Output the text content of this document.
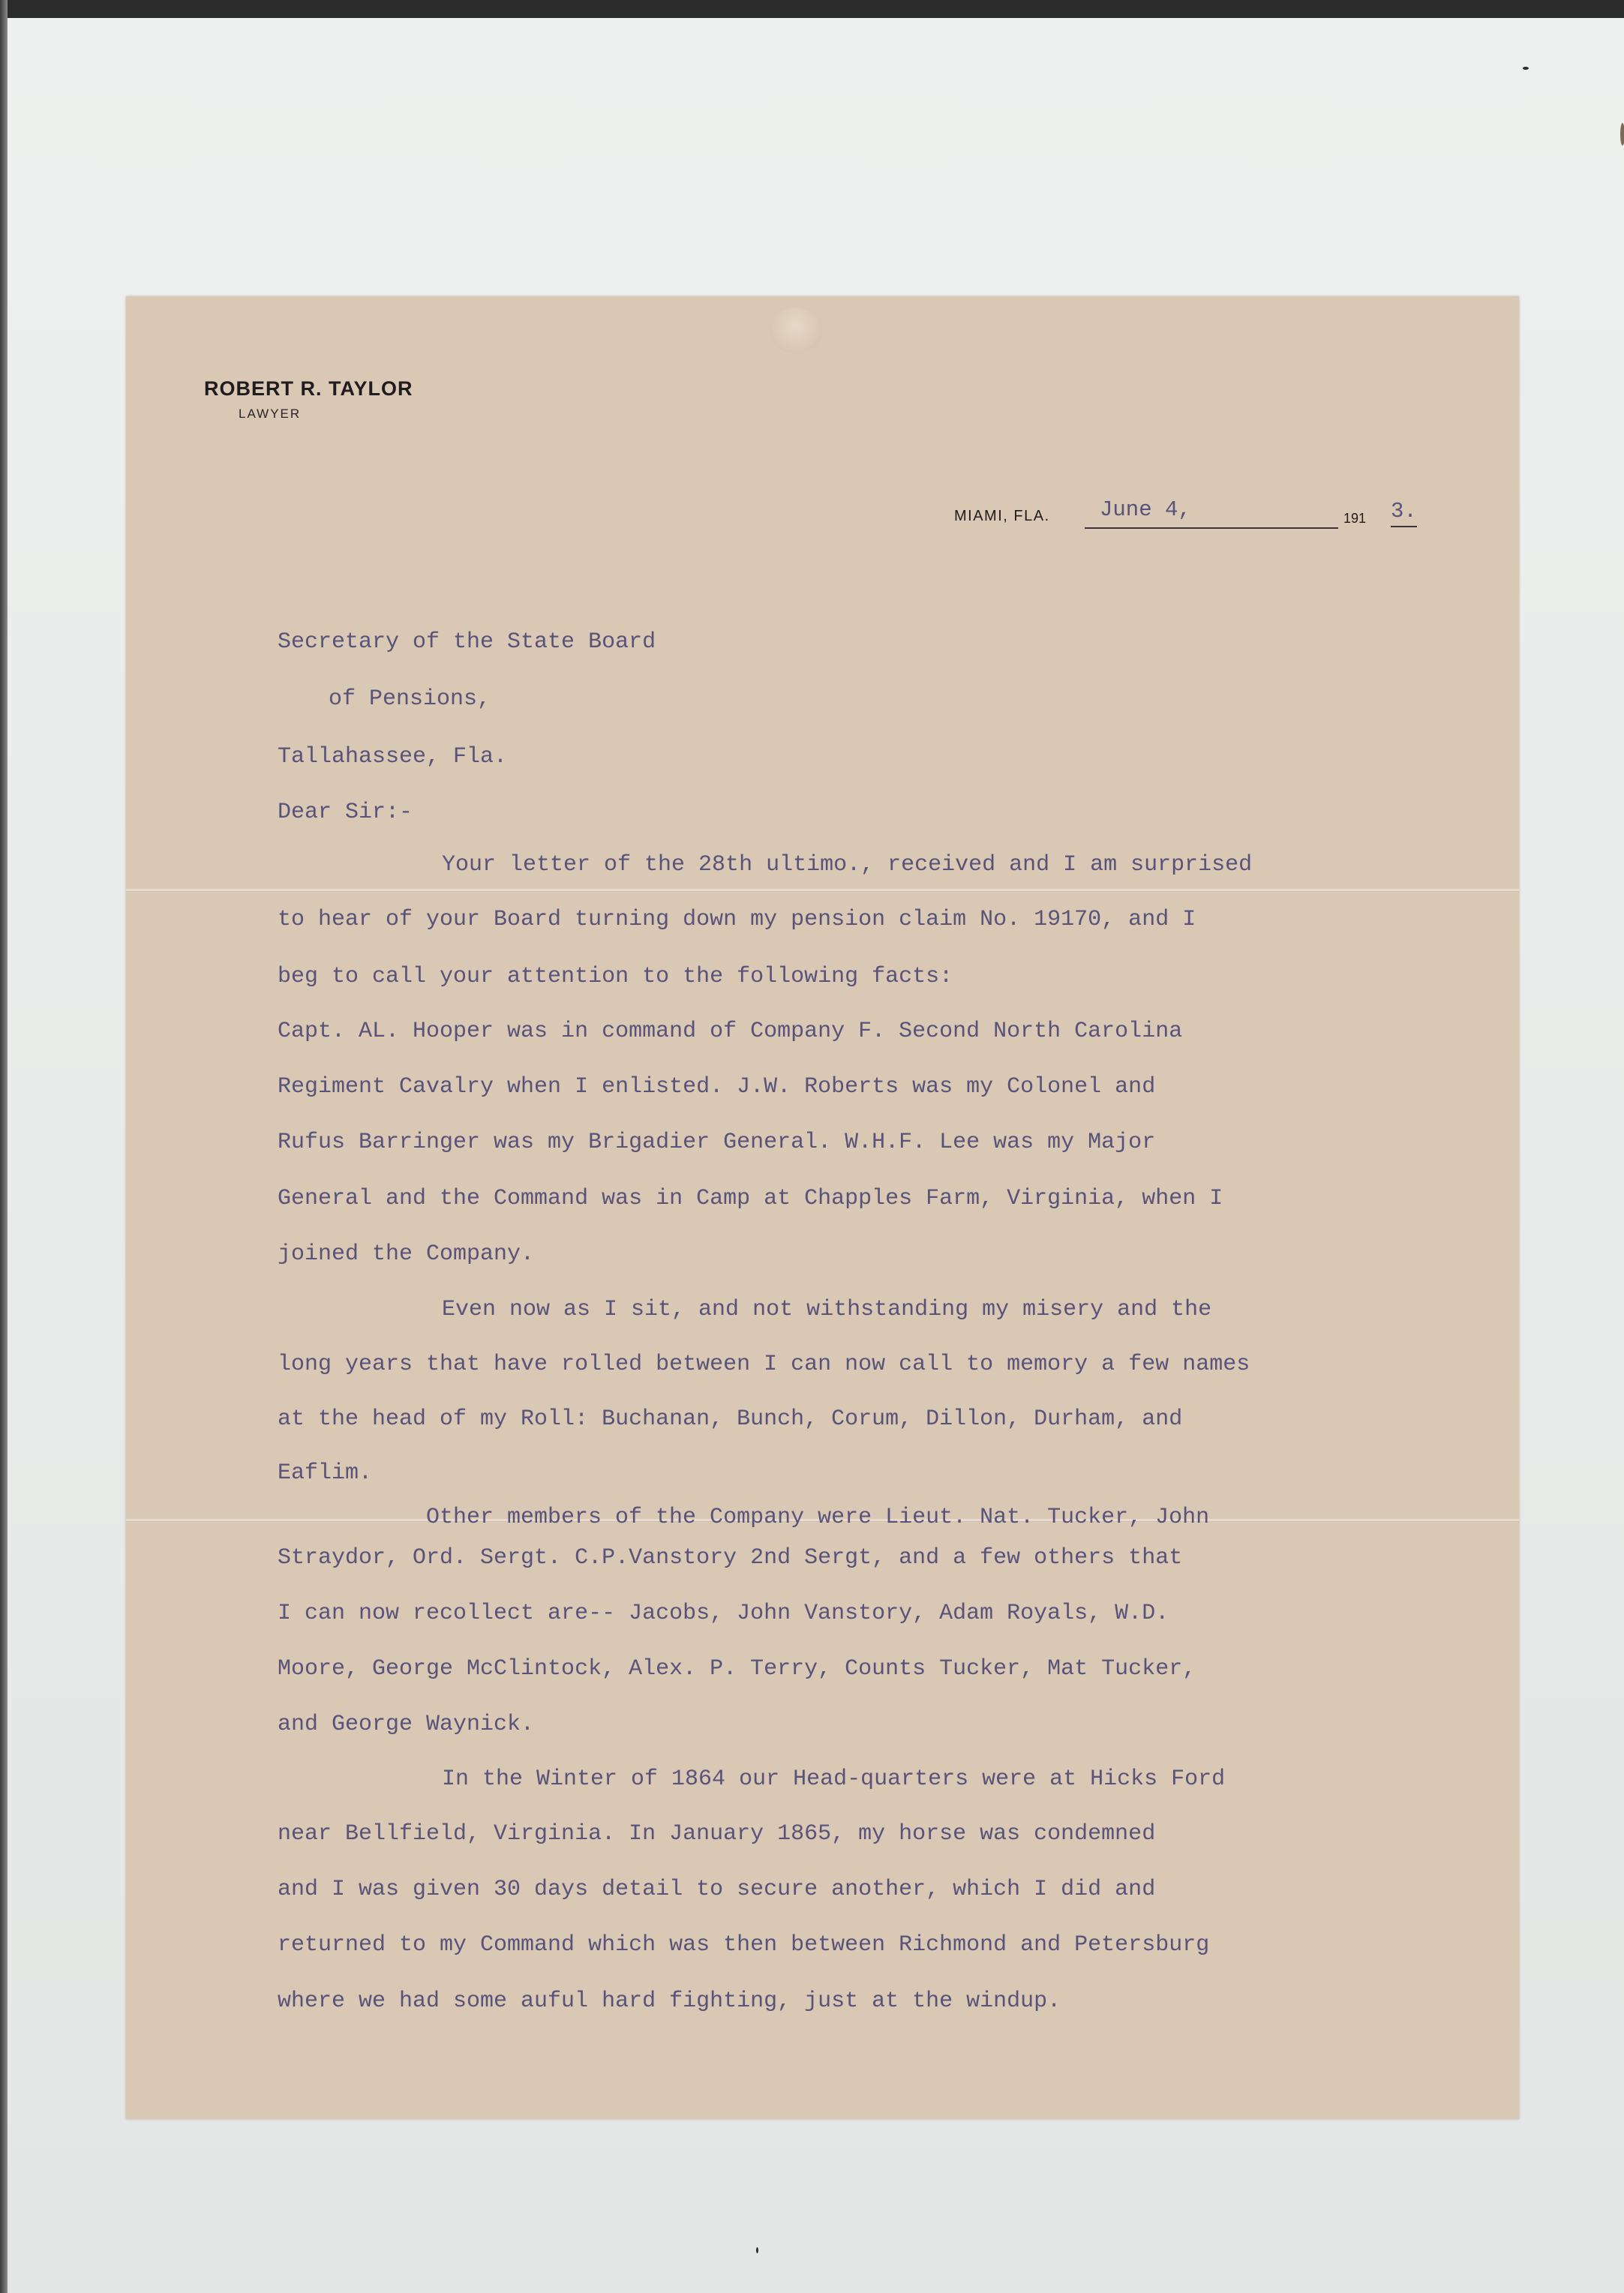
ROBERT R. TAYLOR
LAWYER
MIAMI, FLA. June 4,	191 3.

Secretary of the State Board

of Pensions,

Tallahassee, Fla.

Dear Sir:-

Your letter of the 28th ultimo., received and I am surprised

to hear of your Board turning down my pension claim No. 19170, and I

beg to call your attention to the following facts:

Capt. AL. Hooper was in command of Company F. Second North Carolina

Regiment Cavalry when I enlisted. J.W. Roberts was my Colonel and

Rufus Barringer was my Brigadier General. W.H.F. Lee was my Major

General and the Command was in Camp at Chapples Farm, Virginia, when I

joined the Company.

Even now as I sit, and not withstanding my misery and the

long years that have rolled between I can now call to memory a few names

at the head of my Roll: Buchanan, Bunch, Corum, Dillon, Durham, and

Eaflim.

Other members of the Company were Lieut. Nat. Tucker, John

Straydor, Ord. Sergt. C.P.Vanstory 2nd Sergt, and a few others that

I can now recollect are-- Jacobs, John Vanstory, Adam Royals, W.D.

Moore, George McClintock, Alex. P. Terry, Counts Tucker, Mat Tucker,

and George Waynick.

In the Winter of 1864 our Head-quarters were at Hicks Ford

near Bellfield, Virginia. In January 1865, my horse was condemned

and I was given 30 days detail to secure another, which I did and

returned to my Command which was then between Richmond and Petersburg

where we had some auful hard fighting, just at the windup.
